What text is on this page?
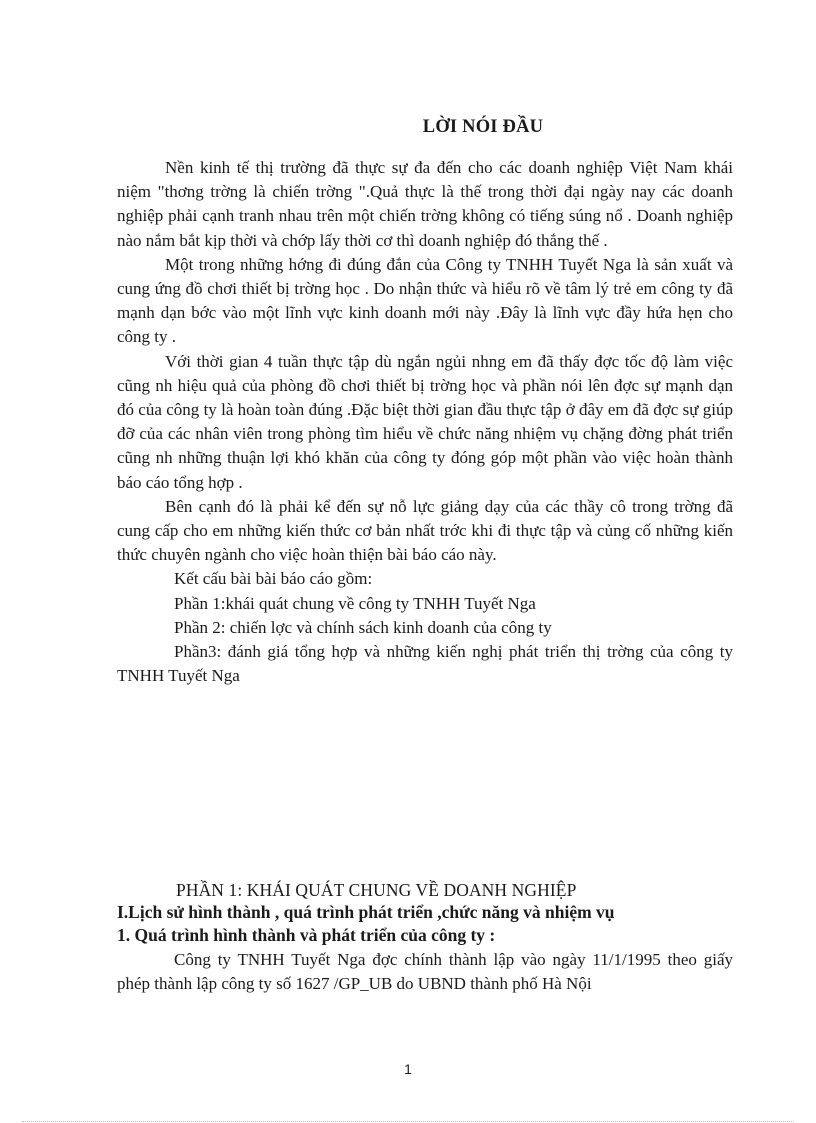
LỜI NÓI ĐẦU

Nền kinh tế thị trường đã thực sự đa đến cho các doanh nghiệp Việt Nam khái niệm "thơng trờng là chiến trờng ".Quả thực là thế trong thời đại ngày nay các doanh nghiệp phải cạnh tranh nhau trên một chiến trờng không có tiếng súng nổ . Doanh nghiệp nào nắm bắt kịp thời và chớp lấy thời cơ thì doanh nghiệp đó thắng thế .

Một trong những hớng đi đúng đắn của Công ty TNHH Tuyết Nga là sản xuất và cung ứng đồ chơi thiết bị trờng học . Do nhận thức và hiểu rõ về tâm lý trẻ em công ty đã mạnh dạn bớc vào một lĩnh vực kinh doanh mới này .Đây là lĩnh vực đầy hứa hẹn cho công ty .

Với thời gian 4 tuần thực tập dù ngắn ngủi nhng em đã thấy đợc tốc độ làm việc cũng nh hiệu quả của phòng đồ chơi thiết bị trờng học và phần nói lên đợc sự mạnh dạn đó của công ty là hoàn toàn đúng .Đặc biệt thời gian đầu thực tập ở đây em đã đợc sự giúp đỡ của các nhân viên trong phòng tìm hiểu về chức năng nhiệm vụ chặng đờng phát triển cũng nh những thuận lợi khó khăn của công ty đóng góp một phần vào việc hoàn thành báo cáo tổng hợp .

Bên cạnh đó là phải kể đến sự nỗ lực giảng dạy của các thầy cô trong trờng đã cung cấp cho em những kiến thức cơ bản nhất trớc khi đi thực tập và củng cố những kiến thức chuyên ngành cho việc hoàn thiện bài báo cáo này.

Kết cấu bài bài báo cáo gồm:

Phần 1:khái quát chung về công ty TNHH Tuyết Nga

Phần 2: chiến lợc và chính sách kinh doanh của công ty

Phần3: đánh giá tổng hợp và những kiến nghị phát triển thị trờng của công ty TNHH Tuyết Nga

PHẦN 1: KHÁI QUÁT CHUNG VỀ DOANH NGHIỆP
I.Lịch sử hình thành , quá trình phát triển ,chức năng và nhiệm vụ
1. Quá trình hình thành và phát triển của công ty :

Công ty TNHH Tuyết Nga đợc chính thành lập vào ngày 11/1/1995 theo giấy phép thành lập công ty số 1627 /GP_UB do UBND thành phố Hà Nội

1
